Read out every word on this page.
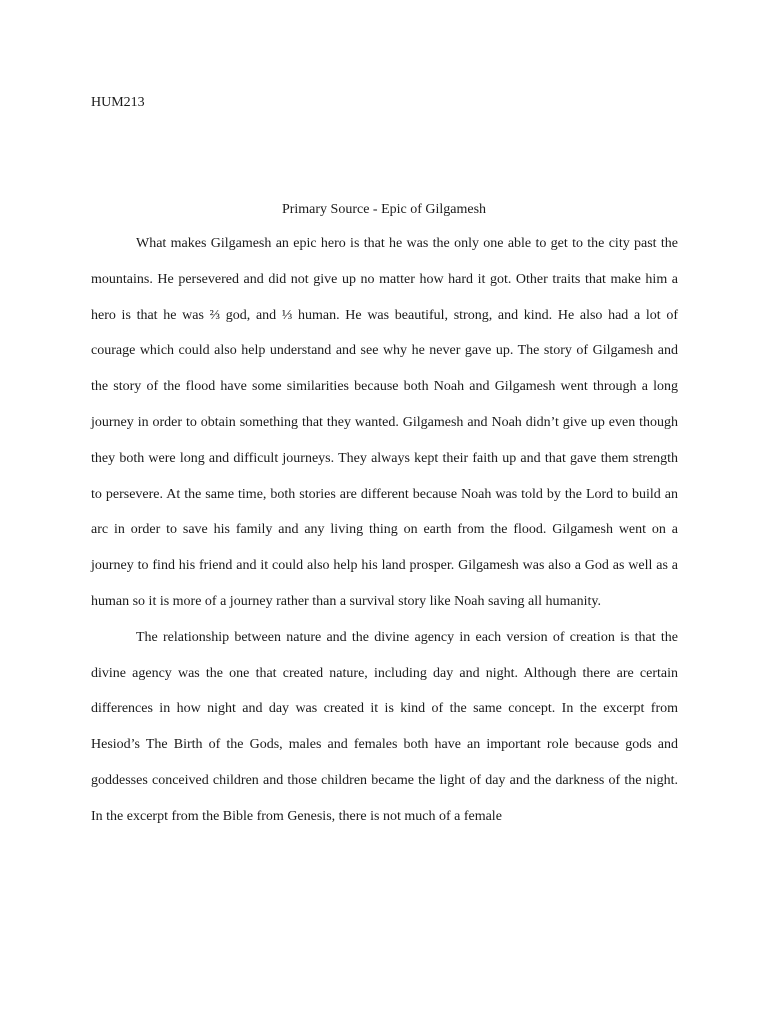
HUM213
Primary Source - Epic of Gilgamesh

What makes Gilgamesh an epic hero is that he was the only one able to get to the city past the mountains. He persevered and did not give up no matter how hard it got. Other traits that make him a hero is that he was ⅔ god, and ⅓ human. He was beautiful, strong, and kind. He also had a lot of courage which could also help understand and see why he never gave up. The story of Gilgamesh and the story of the flood have some similarities because both Noah and Gilgamesh went through a long journey in order to obtain something that they wanted. Gilgamesh and Noah didn’t give up even though they both were long and difficult journeys. They always kept their faith up and that gave them strength to persevere. At the same time, both stories are different because Noah was told by the Lord to build an arc in order to save his family and any living thing on earth from the flood. Gilgamesh went on a journey to find his friend and it could also help his land prosper. Gilgamesh was also a God as well as a human so it is more of a journey rather than a survival story like Noah saving all humanity.

The relationship between nature and the divine agency in each version of creation is that the divine agency was the one that created nature, including day and night. Although there are certain differences in how night and day was created it is kind of the same concept. In the excerpt from Hesiod’s The Birth of the Gods, males and females both have an important role because gods and goddesses conceived children and those children became the light of day and the darkness of the night. In the excerpt from the Bible from Genesis, there is not much of a female
